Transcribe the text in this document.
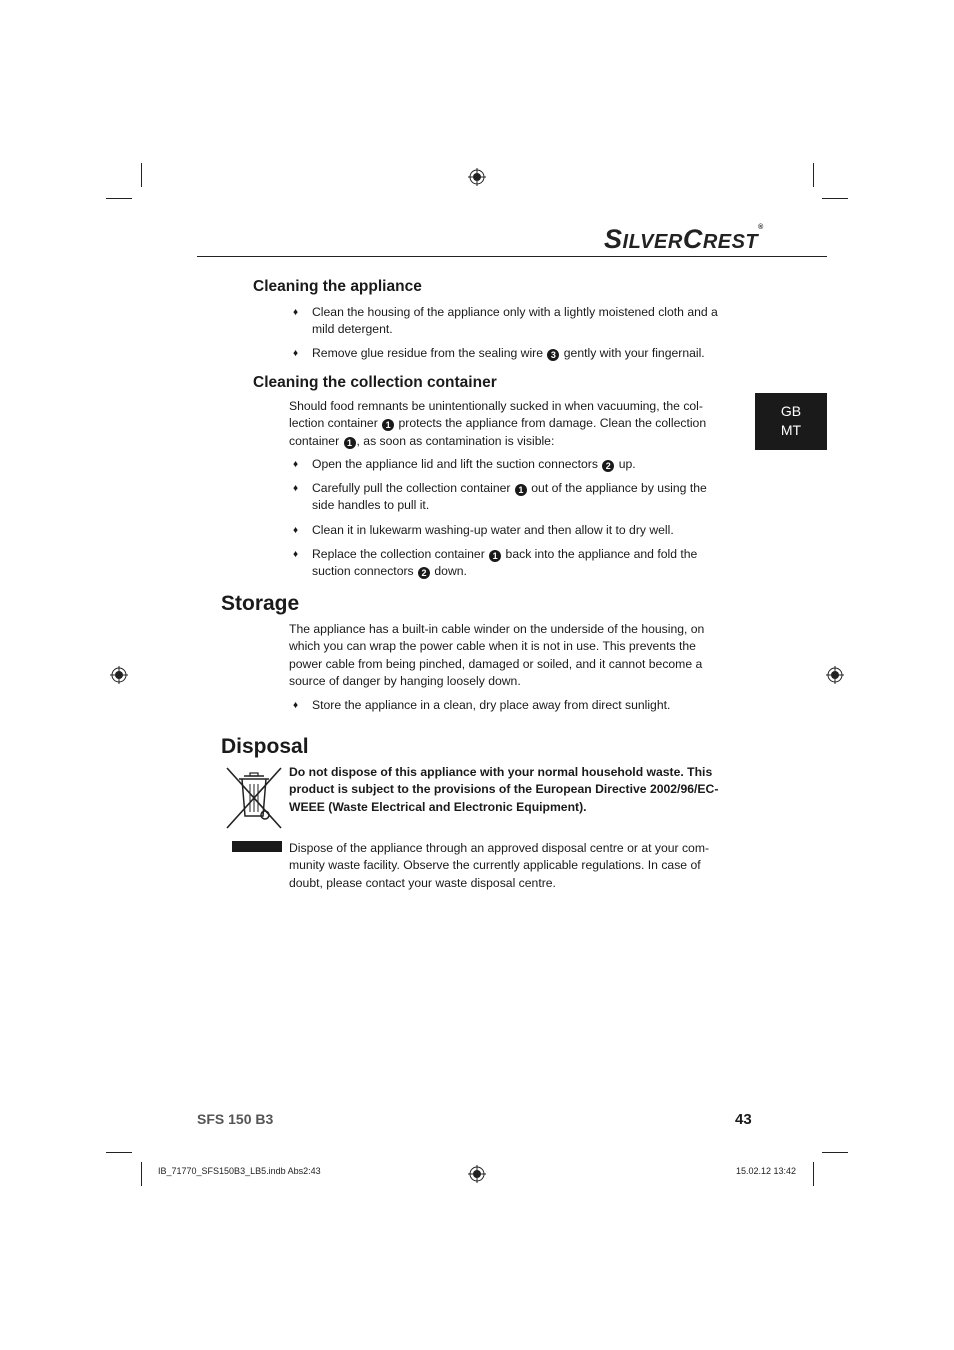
SILVERCREST®
GB
MT
Cleaning the appliance
♦ Clean the housing of the appliance only with a lightly moistened cloth and a mild detergent.
♦ Remove glue residue from the sealing wire 3 gently with your fingernail.
Cleaning the collection container

Should food remnants be unintentionally sucked in when vacuuming, the col- lection container 1 protects the appliance from damage. Clean the collection container 1 , as soon as contamination is visible:

♦ Open the appliance lid and lift the suction connectors 2 up.
♦ Carefully pull the collection container 1 out of the appliance by using the side handles to pull it.
♦ Clean it in lukewarm washing-up water and then allow it to dry well.
♦ Replace the collection container 1 back into the appliance and fold the suction connectors 2 down.
Storage

The appliance has a built-in cable winder on the underside of the housing, on which you can wrap the power cable when it is not in use. This prevents the power cable from being pinched, damaged or soiled, and it cannot become a source of danger by hanging loosely down.

♦ Store the appliance in a clean, dry place away from direct sunlight.
Disposal

Do not dispose of this appliance with your normal household waste. This product is subject to the provisions of the European Directive 2002/96/EC-WEEE (Waste Electrical and Electronic Equipment).

Dispose of the appliance through an approved disposal centre or at your com- munity waste facility. Observe the currently applicable regulations. In case of doubt, please contact your waste disposal centre.

SFS 150 B3	43
IB_71770_SFS150B3_LB5.indb Abs2:43	15.02.12 13:42
